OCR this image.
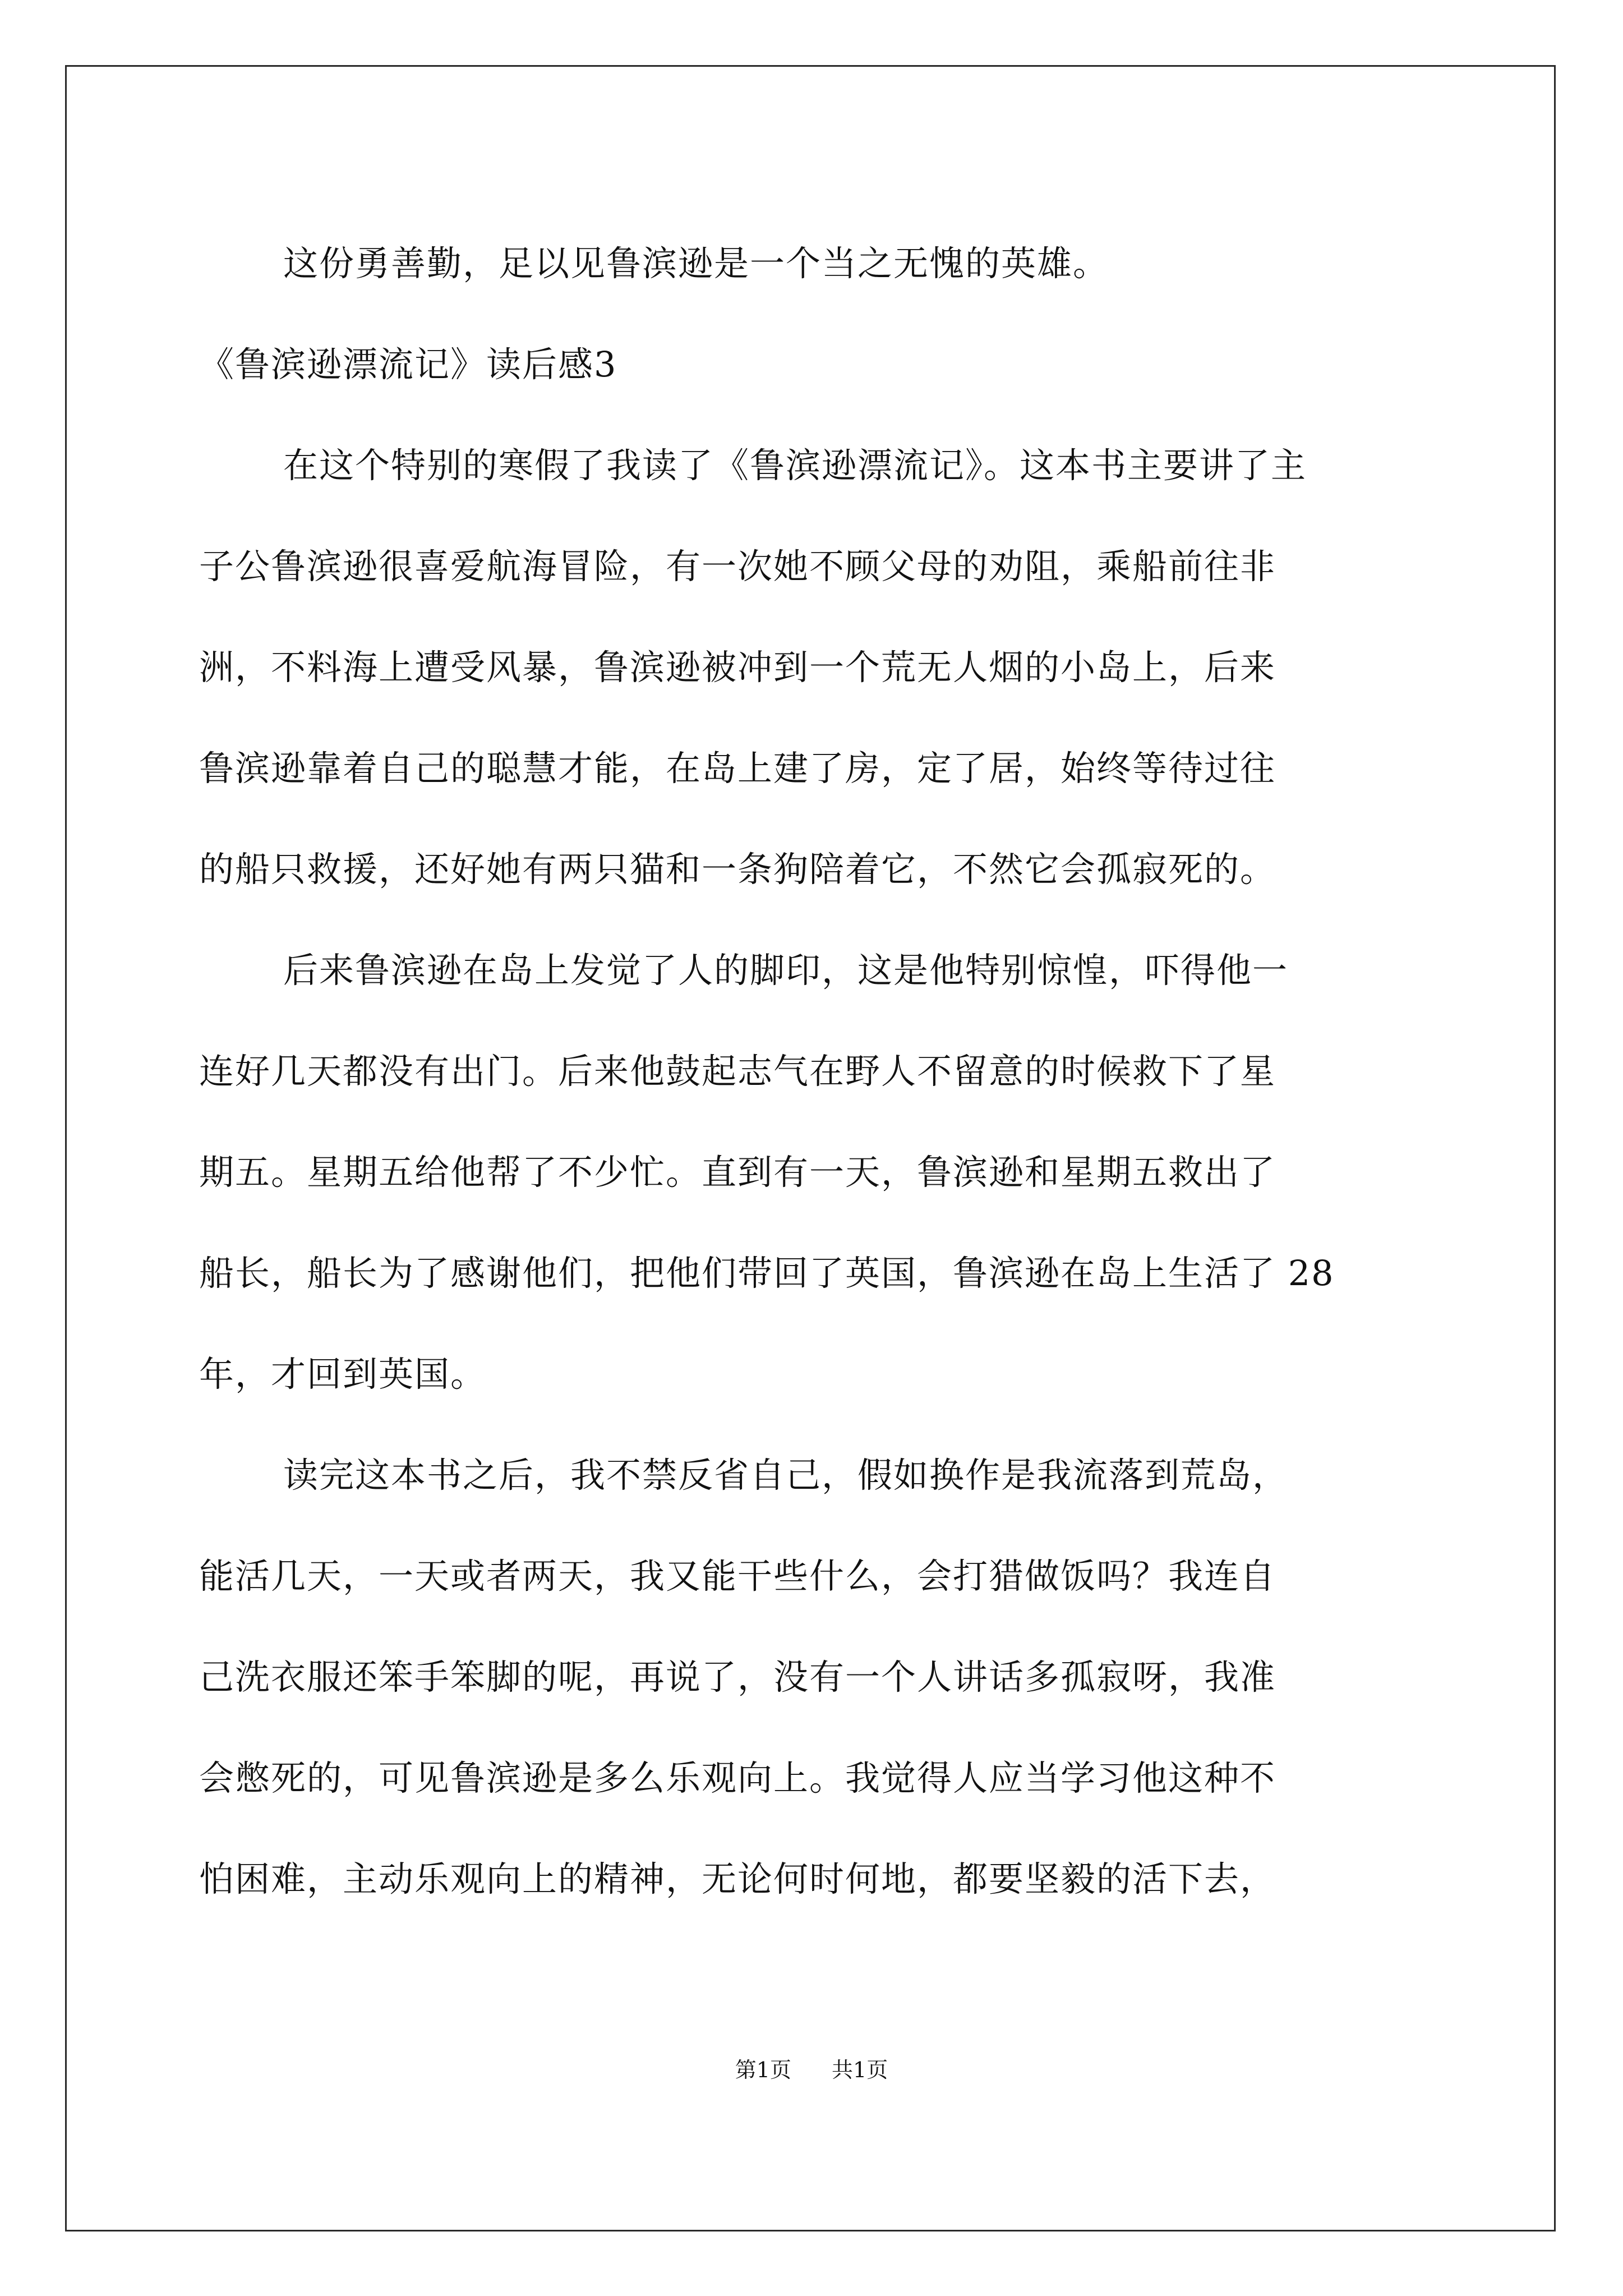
这份勇善勤，足以见鲁滨逊是一个当之无愧的英雄。

《鲁滨逊漂流记》读后感3

在这个特别的寒假了我读了《鲁滨逊漂流记》。这本书主要讲了主

子公鲁滨逊很喜爱航海冒险，有一次她不顾父母的劝阻，乘船前往非

洲，不料海上遭受风暴，鲁滨逊被冲到一个荒无人烟的小岛上，后来

鲁滨逊靠着自己的聪慧才能，在岛上建了房，定了居，始终等待过往

的船只救援，还好她有两只猫和一条狗陪着它，不然它会孤寂死的。

后来鲁滨逊在岛上发觉了人的脚印，这是他特别惊惶，吓得他一

连好几天都没有出门。后来他鼓起志气在野人不留意的时候救下了星

期五。星期五给他帮了不少忙。直到有一天，鲁滨逊和星期五救出了

船长，船长为了感谢他们，把他们带回了英国，鲁滨逊在岛上生活了 28

年，才回到英国。

读完这本书之后，我不禁反省自己，假如换作是我流落到荒岛，

能活几天，一天或者两天，我又能干些什么，会打猎做饭吗？我连自

己洗衣服还笨手笨脚的呢，再说了，没有一个人讲话多孤寂呀，我准

会憋死的，可见鲁滨逊是多么乐观向上。我觉得人应当学习他这种不

怕困难，主动乐观向上的精神，无论何时何地，都要坚毅的活下去，

第1页 共1页
